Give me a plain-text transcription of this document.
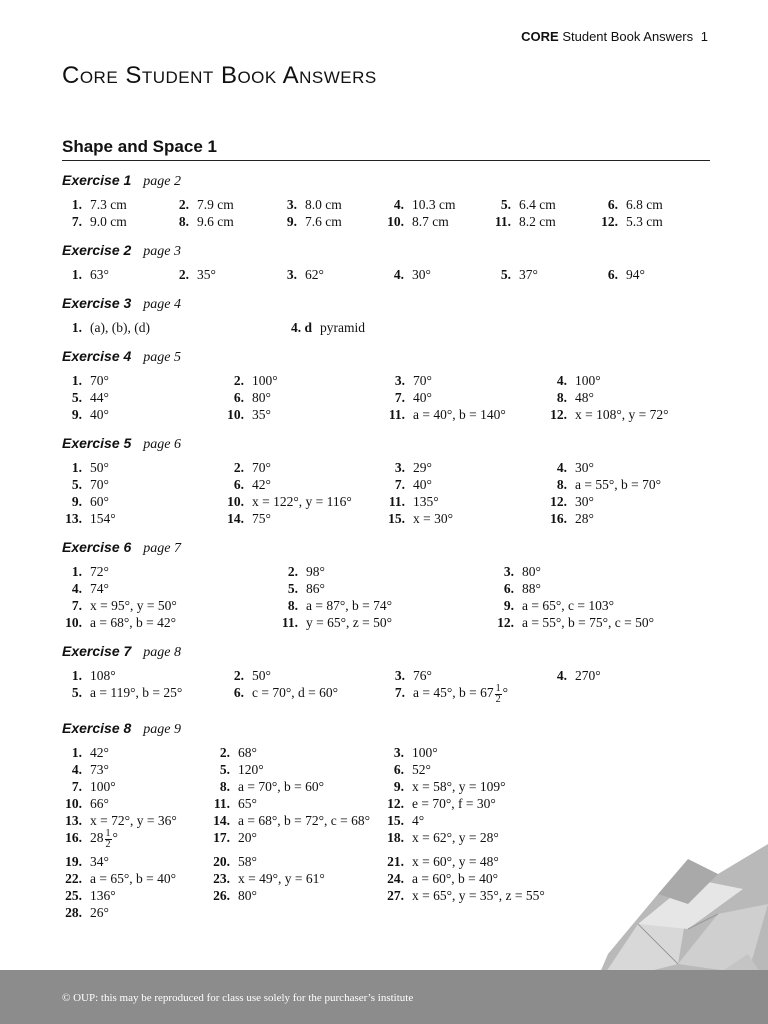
CORE Student Book Answers 1
Core Student Book Answers
Shape and Space 1
Exercise 1 page 2
1. 7.3 cm	2. 7.9 cm	3. 8.0 cm	4. 10.3 cm	5. 6.4 cm	6. 6.8 cm
7. 9.0 cm	8. 9.6 cm	9. 7.6 cm	10. 8.7 cm	11. 8.2 cm	12. 5.3 cm
Exercise 2 page 3
1. 63°	2. 35°	3. 62°	4. 30°	5. 37°	6. 94°
Exercise 3 page 4
1. (a), (b), (d)	4. d pyramid
Exercise 4 page 5
1. 70°	2. 100°	3. 70°	4. 100°
5. 44°	6. 80°	7. 40°	8. 48°
9. 40°	10. 35°	11. a = 40°, b = 140°	12. x = 108°, y = 72°
Exercise 5 page 6
1. 50°	2. 70°	3. 29°	4. 30°
5. 70°	6. 42°	7. 40°	8. a = 55°, b = 70°
9. 60°	10. x = 122°, y = 116°	11. 135°	12. 30°
13. 154°	14. 75°	15. x = 30°	16. 28°
Exercise 6 page 7
1. 72°	2. 98°	3. 80°
4. 74°	5. 86°	6. 88°
7. x = 95°, y = 50°	8. a = 87°, b = 74°	9. a = 65°, c = 103°
10. a = 68°, b = 42°	11. y = 65°, z = 50°	12. a = 55°, b = 75°, c = 50°
Exercise 7 page 8
1. 108°	2. 50°	3. 76°	4. 270°
5. a = 119°, b = 25°	6. c = 70°, d = 60°	7. a = 45°, $b = 67 \frac{1}{2}$ °
Exercise 8 page 9
1. 42°	2. 68°	3. 100°
4. 73°	5. 120°	6. 52°
7. 100°	8. a = 70°, b = 60°	9. x = 58°, y = 109°
10. 66°	11. 65°	12. e = 70°, f = 30°
13. x = 72°, y = 36°	14. a = 68°, b = 72°, c = 68° 15. 4°
16. $28 \frac{1}{2}$ °	17. 20°	18. x = 62°, y = 28°
19. 34°	20. 58°	21. x = 60°, y = 48°
22. a = 65°, b = 40°	23. x = 49°, y = 61°	24. a = 60°, b = 40°
25. 136°	26. 80°	27. x = 65°, y = 35°, z = 55°
28. 26°
© OUP: this may be reproduced for class use solely for the purchaser’s institute
